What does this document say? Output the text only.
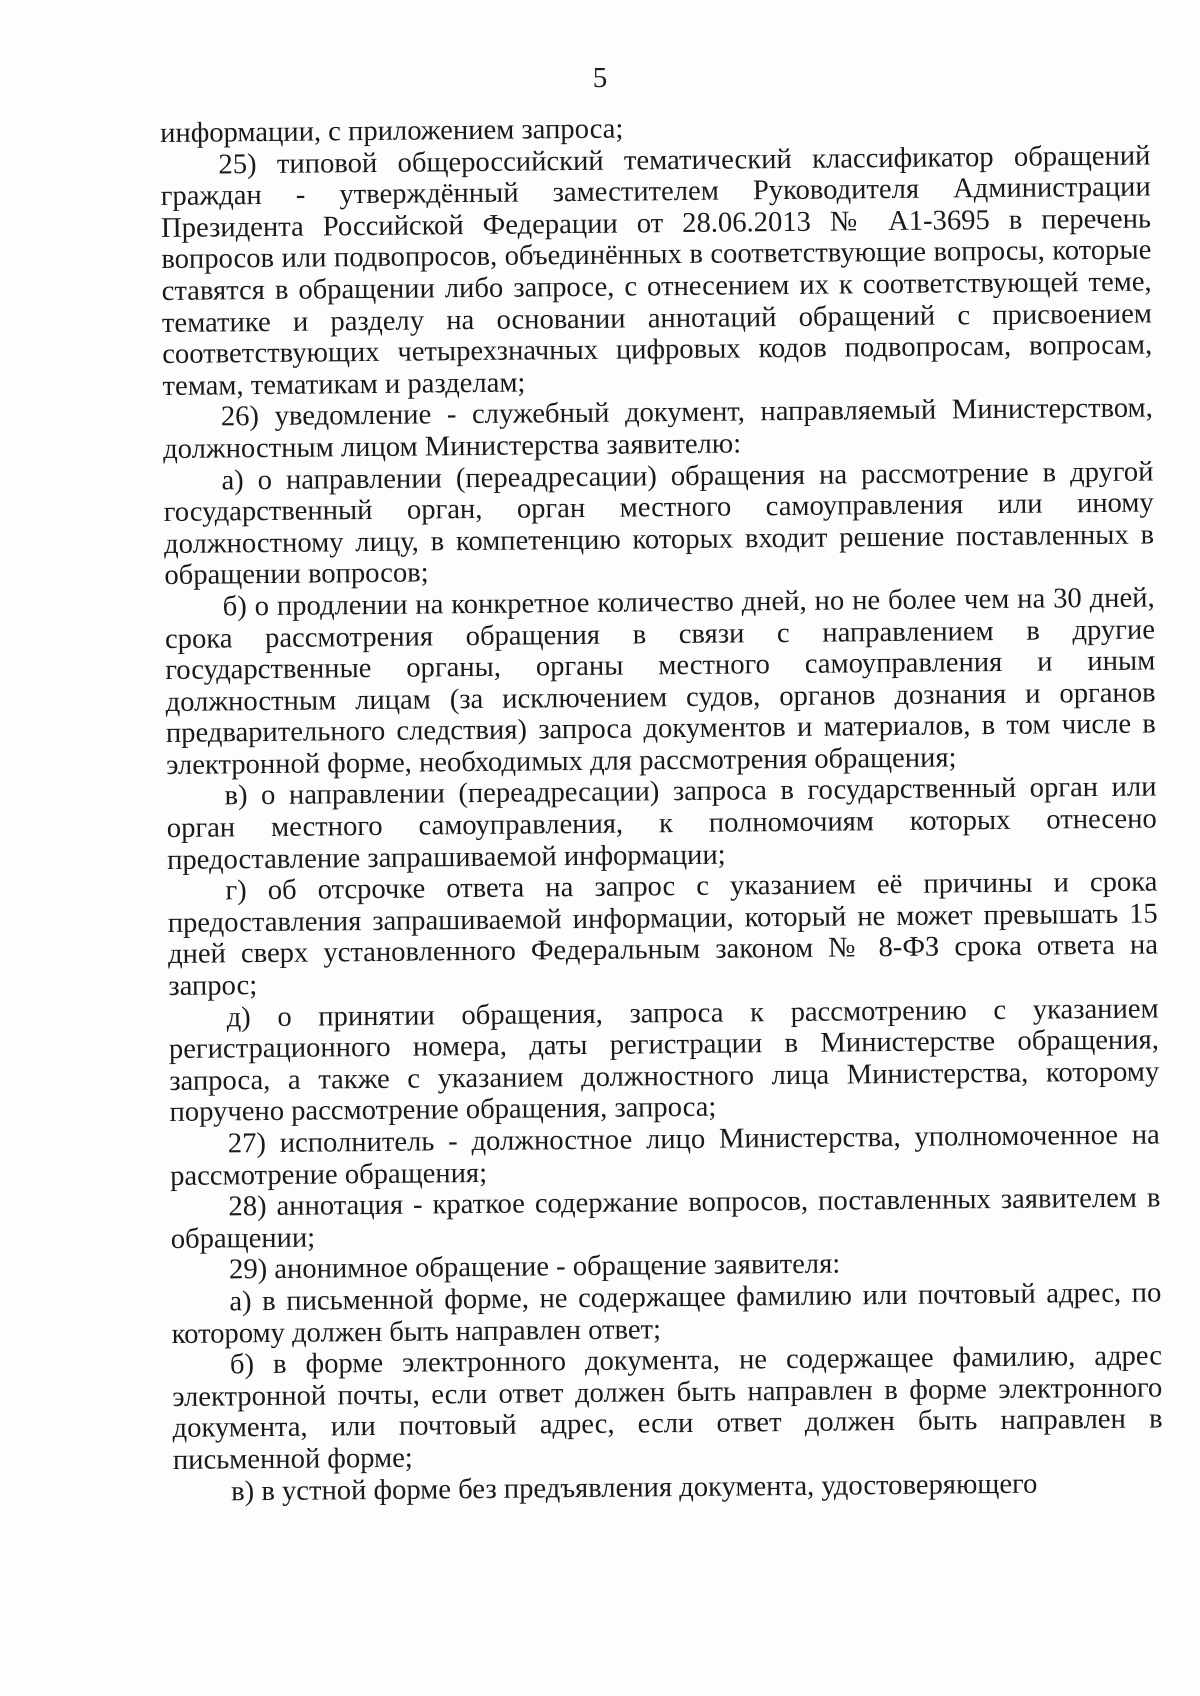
5

информации, с приложением запроса;

25) типовой общероссийский тематический классификатор обращений граждан - утверждённый заместителем Руководителя Администрации Президента Российской Федерации от 28.06.2013 № А1-3695 в перечень вопросов или подвопросов, объединённых в соответствующие вопросы, которые ставятся в обращении либо запросе, с отнесением их к соответствующей теме, тематике и разделу на основании аннотаций обращений с присвоением соответствующих четырехзначных цифровых кодов подвопросам, вопросам, темам, тематикам и разделам;

26) уведомление - служебный документ, направляемый Министерством, должностным лицом Министерства заявителю:

а) о направлении (переадресации) обращения на рассмотрение в другой государственный орган, орган местного самоуправления или иному должностному лицу, в компетенцию которых входит решение поставленных в обращении вопросов;

б) о продлении на конкретное количество дней, но не более чем на 30 дней, срока рассмотрения обращения в связи с направлением в другие государственные органы, органы местного самоуправления и иным должностным лицам (за исключением судов, органов дознания и органов предварительного следствия) запроса документов и материалов, в том числе в электронной форме, необходимых для рассмотрения обращения;

в) о направлении (переадресации) запроса в государственный орган или орган местного самоуправления, к полномочиям которых отнесено предоставление запрашиваемой информации;

г) об отсрочке ответа на запрос с указанием её причины и срока предоставления запрашиваемой информации, который не может превышать 15 дней сверх установленного Федеральным законом № 8-ФЗ срока ответа на запрос;

д) о принятии обращения, запроса к рассмотрению с указанием регистрационного номера, даты регистрации в Министерстве обращения, запроса, а также с указанием должностного лица Министерства, которому поручено рассмотрение обращения, запроса;

27) исполнитель - должностное лицо Министерства, уполномоченное на рассмотрение обращения;

28) аннотация - краткое содержание вопросов, поставленных заявителем в обращении;

29) анонимное обращение - обращение заявителя:

а) в письменной форме, не содержащее фамилию или почтовый адрес, по которому должен быть направлен ответ;

б) в форме электронного документа, не содержащее фамилию, адрес электронной почты, если ответ должен быть направлен в форме электронного документа, или почтовый адрес, если ответ должен быть направлен в письменной форме;

в) в устной форме без предъявления документа, удостоверяющего
